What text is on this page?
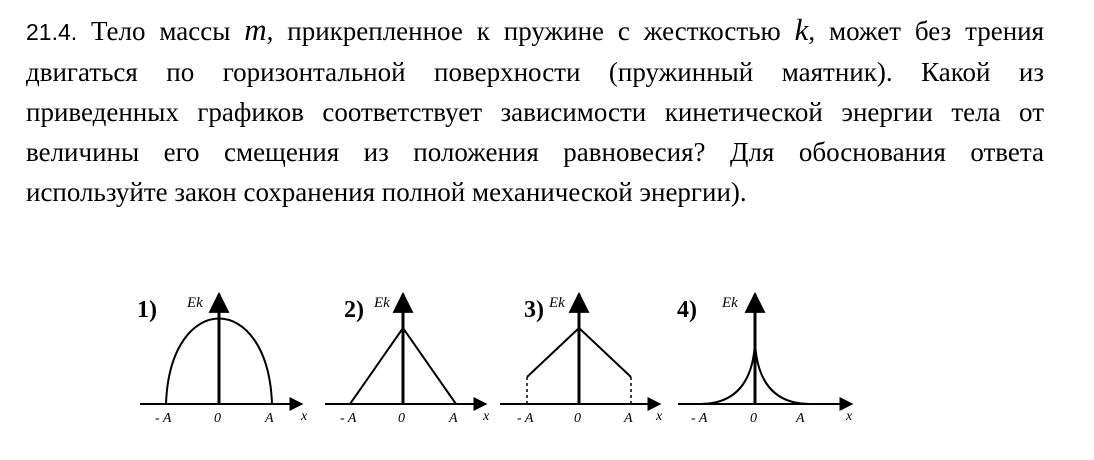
21.4. Тело массы m, прикрепленное к пружине с жесткостью k, может без трения двигаться по горизонтальной поверхности (пружинный маятник). Какой из приведенных графиков соответствует зависимости кинетической энергии тела от величины его смещения из положения равновесия? Для обоснования ответа используйте закон сохранения полной механической энергии).
1) Ek
- A	0	A x
2) Ek
- A	0	A x
3) Ek
- A	0	A x
4) Ek
- A	0	A	x
